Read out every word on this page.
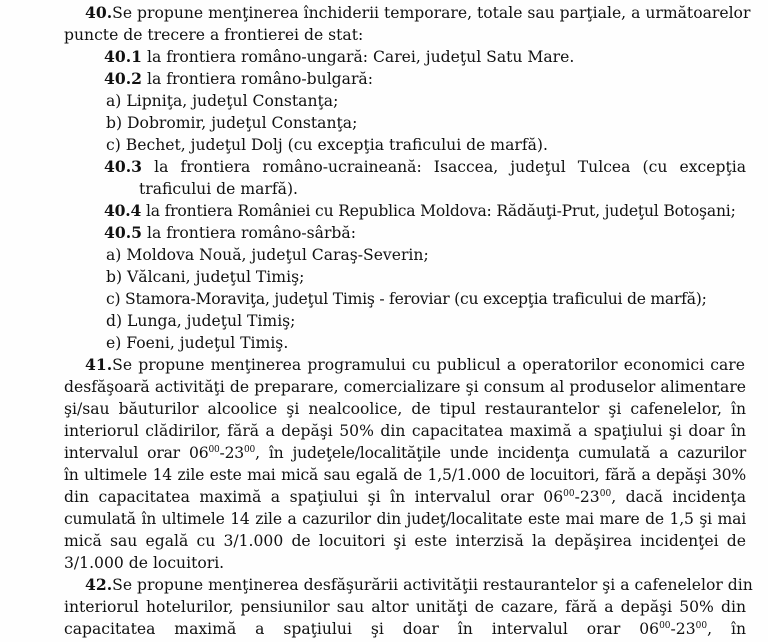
40.Se propune menţinerea închiderii temporare, totale sau parţiale, a următoarelor
puncte de trecere a frontierei de stat:
40.1 la frontiera româno-ungară: Carei, judeţul Satu Mare.
40.2 la frontiera româno-bulgară:
a) Lipniţa, judeţul Constanţa;
b) Dobromir, judeţul Constanţa;
c) Bechet, judeţul Dolj (cu excepţia traficului de marfă).
40.3 la frontiera româno-ucraineană: Isaccea, judeţul Tulcea (cu excepţia
traficului de marfă).
40.4 la frontiera României cu Republica Moldova: Rădăuţi-Prut, judeţul Botoşani;
40.5 la frontiera româno-sârbă:
a) Moldova Nouă, judeţul Caraş-Severin;
b) Vălcani, judeţul Timiş;
c) Stamora-Moraviţa, judeţul Timiş - feroviar (cu excepţia traficului de marfă);
d) Lunga, judeţul Timiş;
e) Foeni, judeţul Timiş.
41.Se propune menţinerea programului cu publicul a operatorilor economici care
desfăşoară activităţi de preparare, comercializare şi consum al produselor alimentare
şi/sau băuturilor alcoolice şi nealcoolice, de tipul restaurantelor şi cafenelelor, în
interiorul clădirilor, fără a depăşi 50% din capacitatea maximă a spaţiului şi doar în
intervalul orar $06^{00}-23^{00}$, în judeţele/localităţile unde incidenţa cumulată a cazurilor
în ultimele 14 zile este mai mică sau egală de 1,5/1.000 de locuitori, fără a depăşi 30%
din capacitatea maximă a spaţiului şi în intervalul orar $06^{00}-23^{00}$, dacă incidenţa
cumulată în ultimele 14 zile a cazurilor din judeţ/localitate este mai mare de 1,5 şi mai
mică sau egală cu 3/1.000 de locuitori şi este interzisă la depăşirea incidenţei de
3/1.000 de locuitori.
42.Se propune menţinerea desfăşurării activităţii restaurantelor şi a cafenelelor din
interiorul hotelurilor, pensiunilor sau altor unităţi de cazare, fără a depăşi 50% din
capacitatea maximă a spaţiului şi doar în intervalul orar $06^{00}-23^{00}$, în
